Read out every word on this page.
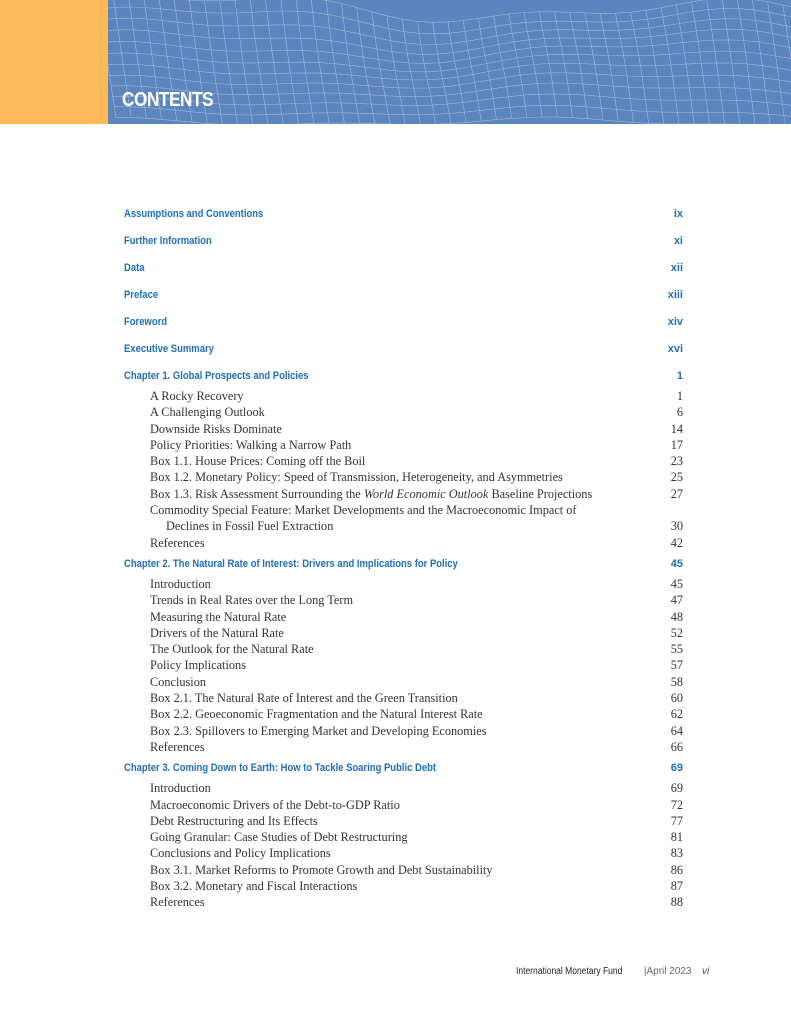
CONTENTS
Assumptions and Conventions	ix
Further Information	xi
Data	xii
Preface	xiii
Foreword	xiv
Executive Summary	xvi
Chapter 1. Global Prospects and Policies	1
A Rocky Recovery	1
A Challenging Outlook	6
Downside Risks Dominate	14
Policy Priorities: Walking a Narrow Path	17
Box 1.1. House Prices: Coming off the Boil	23
Box 1.2. Monetary Policy: Speed of Transmission, Heterogeneity, and Asymmetries	25
Box 1.3. Risk Assessment Surrounding the World Economic Outlook Baseline Projections	27
Commodity Special Feature: Market Developments and the Macroeconomic Impact of
Declines in Fossil Fuel Extraction	30
References	42
Chapter 2. The Natural Rate of Interest: Drivers and Implications for Policy	45
Introduction	45
Trends in Real Rates over the Long Term	47
Measuring the Natural Rate	48
Drivers of the Natural Rate	52
The Outlook for the Natural Rate	55
Policy Implications	57
Conclusion	58
Box 2.1. The Natural Rate of Interest and the Green Transition	60
Box 2.2. Geoeconomic Fragmentation and the Natural Interest Rate	62
Box 2.3. Spillovers to Emerging Market and Developing Economies	64
References	66
Chapter 3. Coming Down to Earth: How to Tackle Soaring Public Debt	69
Introduction	69
Macroeconomic Drivers of the Debt-to-GDP Ratio	72
Debt Restructuring and Its Effects	77
Going Granular: Case Studies of Debt Restructuring	81
Conclusions and Policy Implications	83
Box 3.1. Market Reforms to Promote Growth and Debt Sustainability	86
Box 3.2. Monetary and Fiscal Interactions	87
References	88
International Monetary Fund |April 2023 vi
